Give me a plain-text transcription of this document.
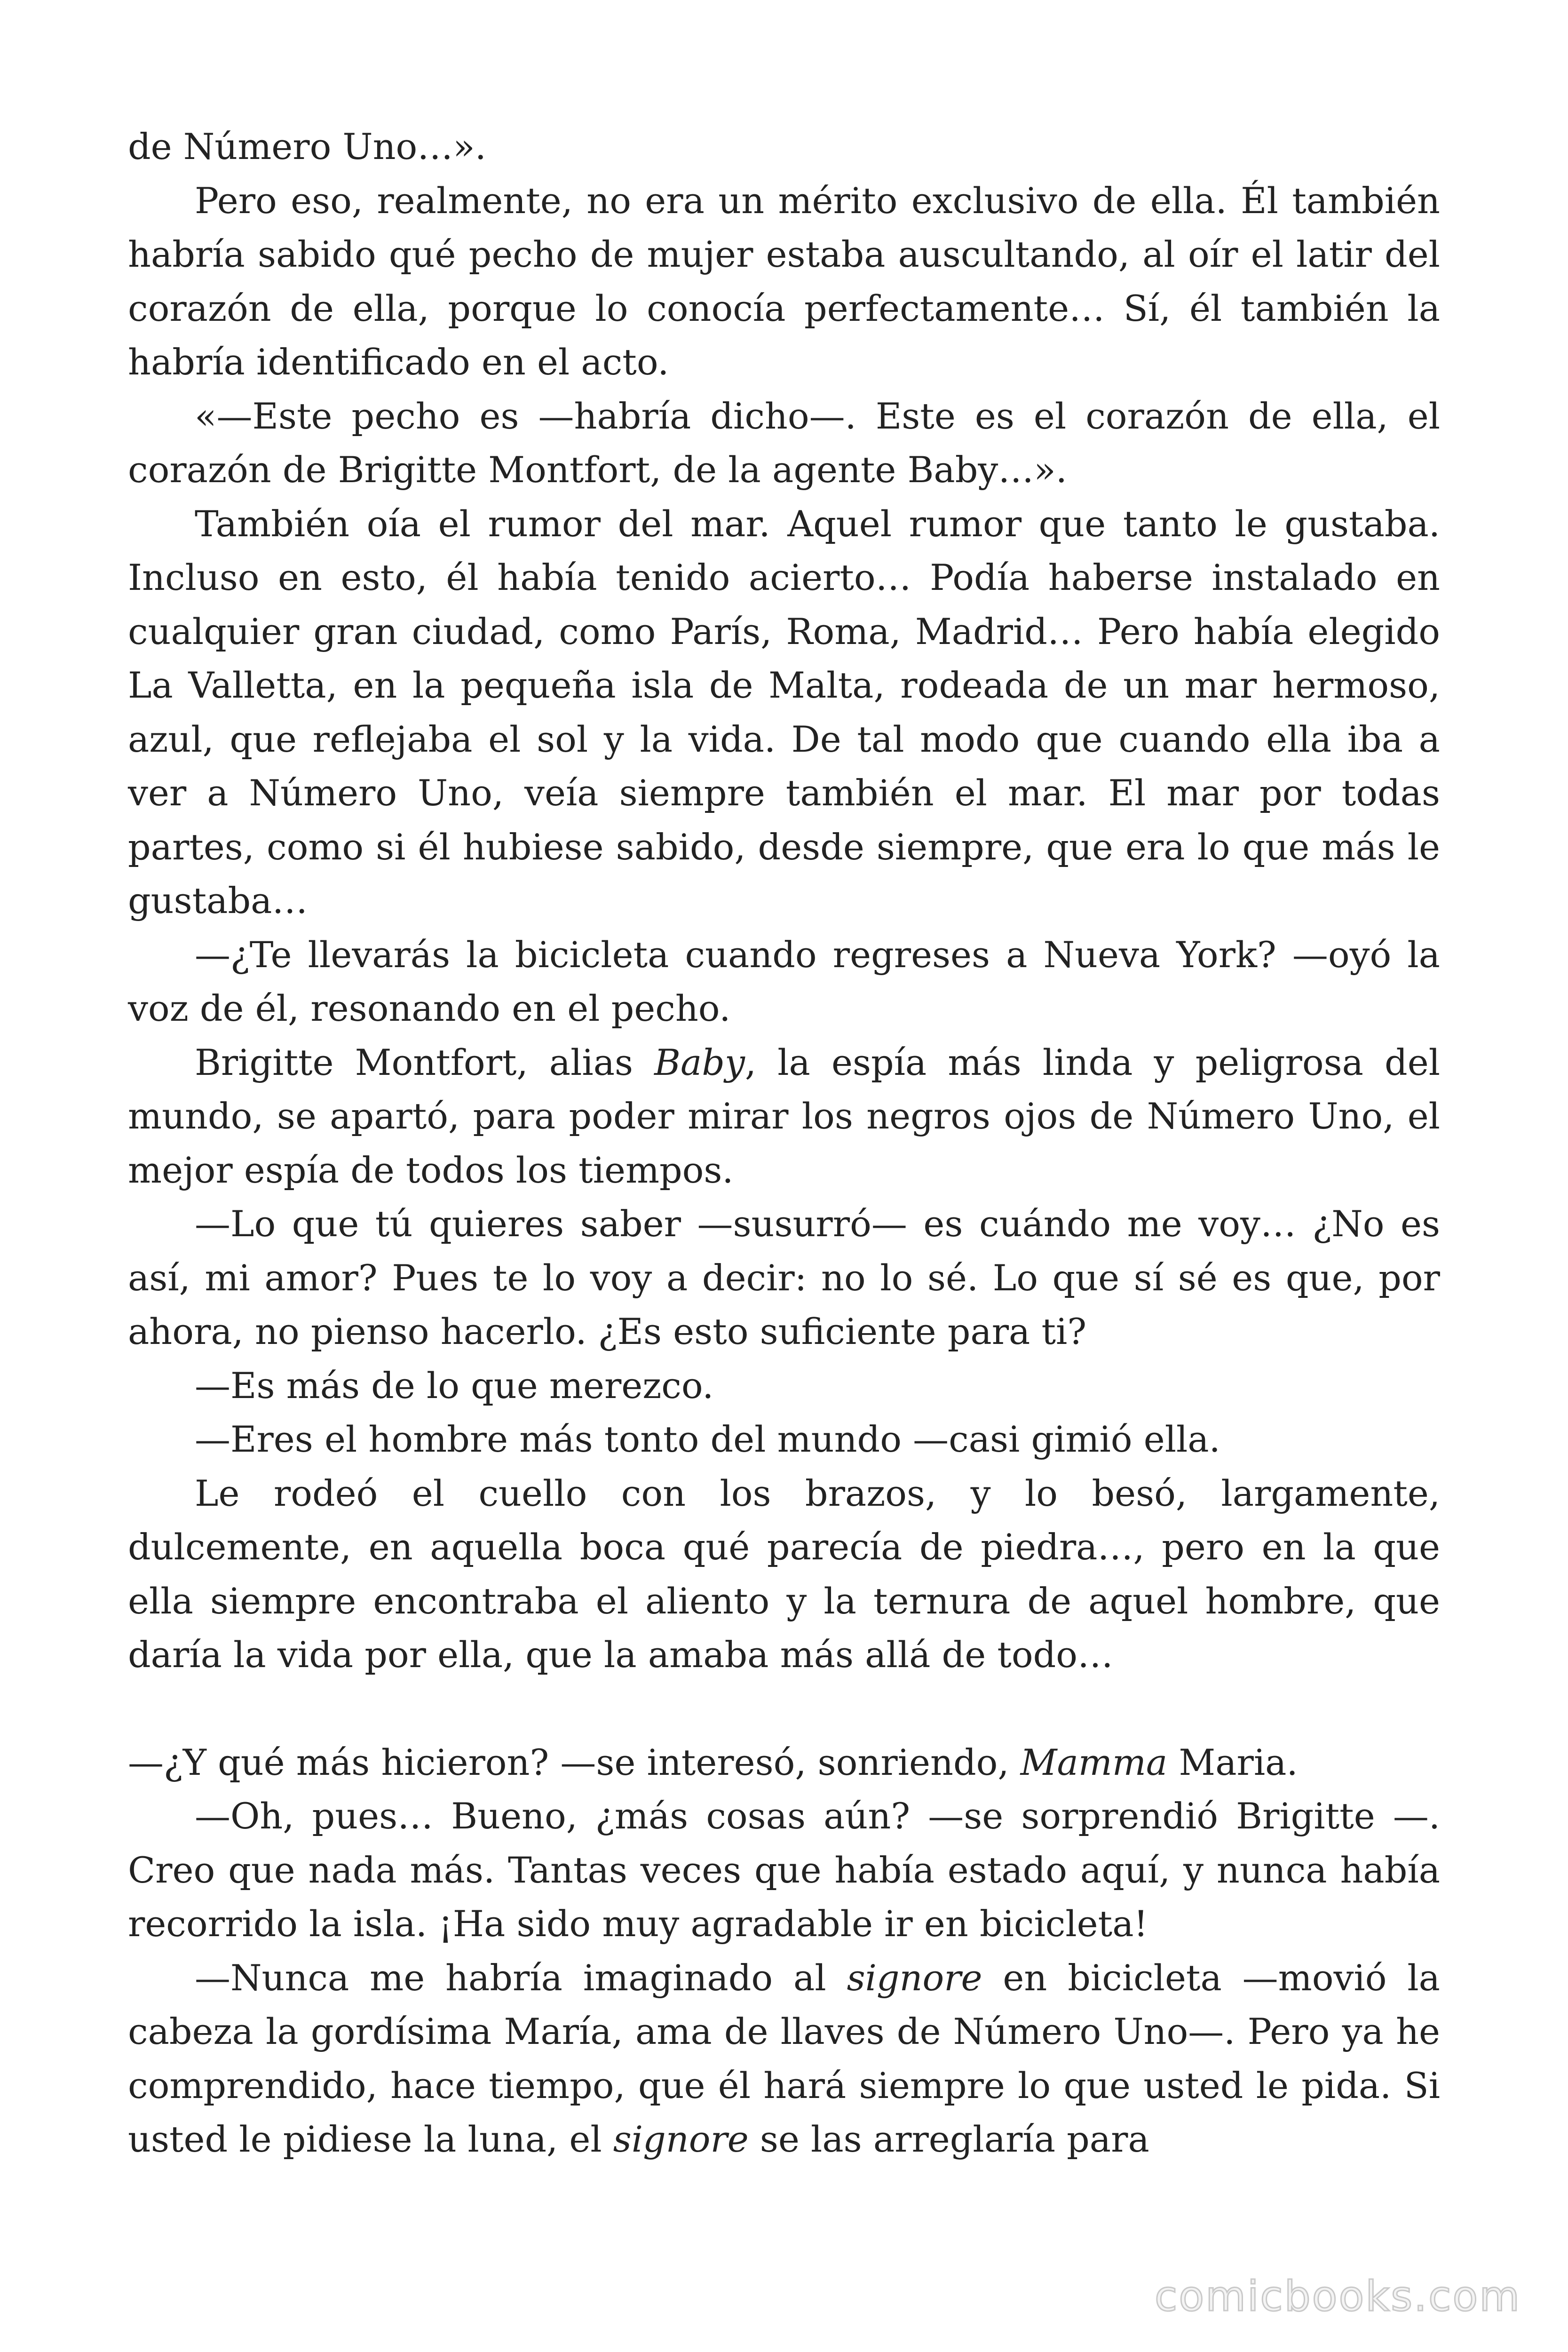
de Número Uno…».

Pero eso, realmente, no era un mérito exclusivo de ella. Él también habría sabido qué pecho de mujer estaba auscultando, al oír el latir del corazón de ella, porque lo conocía perfectamente… Sí, él también la habría identificado en el acto.

«—Este pecho es —habría dicho—. Este es el corazón de ella, el corazón de Brigitte Montfort, de la agente Baby…».

También oía el rumor del mar. Aquel rumor que tanto le gustaba. Incluso en esto, él había tenido acierto… Podía haberse instalado en cualquier gran ciudad, como París, Roma, Madrid… Pero había elegido La Valletta, en la pequeña isla de Malta, rodeada de un mar hermoso, azul, que reflejaba el sol y la vida. De tal modo que cuando ella iba a ver a Número Uno, veía siempre también el mar. El mar por todas partes, como si él hubiese sabido, desde siempre, que era lo que más le gustaba…

—¿Te llevarás la bicicleta cuando regreses a Nueva York? —oyó la voz de él, resonando en el pecho.

Brigitte Montfort, alias Baby, la espía más linda y peligrosa del mundo, se apartó, para poder mirar los negros ojos de Número Uno, el mejor espía de todos los tiempos.

—Lo que tú quieres saber —susurró— es cuándo me voy… ¿No es así, mi amor? Pues te lo voy a decir: no lo sé. Lo que sí sé es que, por ahora, no pienso hacerlo. ¿Es esto suficiente para ti?

—Es más de lo que merezco.

—Eres el hombre más tonto del mundo —casi gimió ella.

Le rodeó el cuello con los brazos, y lo besó, largamente, dulcemente, en aquella boca qué parecía de piedra…, pero en la que ella siempre encontraba el aliento y la ternura de aquel hombre, que daría la vida por ella, que la amaba más allá de todo…

—¿Y qué más hicieron? —se interesó, sonriendo, Mamma Maria.

—Oh, pues… Bueno, ¿más cosas aún? —se sorprendió Brigitte —. Creo que nada más. Tantas veces que había estado aquí, y nunca había recorrido la isla. ¡Ha sido muy agradable ir en bicicleta!

—Nunca me habría imaginado al signore en bicicleta —movió la cabeza la gordísima María, ama de llaves de Número Uno—. Pero ya he comprendido, hace tiempo, que él hará siempre lo que usted le pida. Si usted le pidiese la luna, el signore se las arreglaría para

comicbooks.com
